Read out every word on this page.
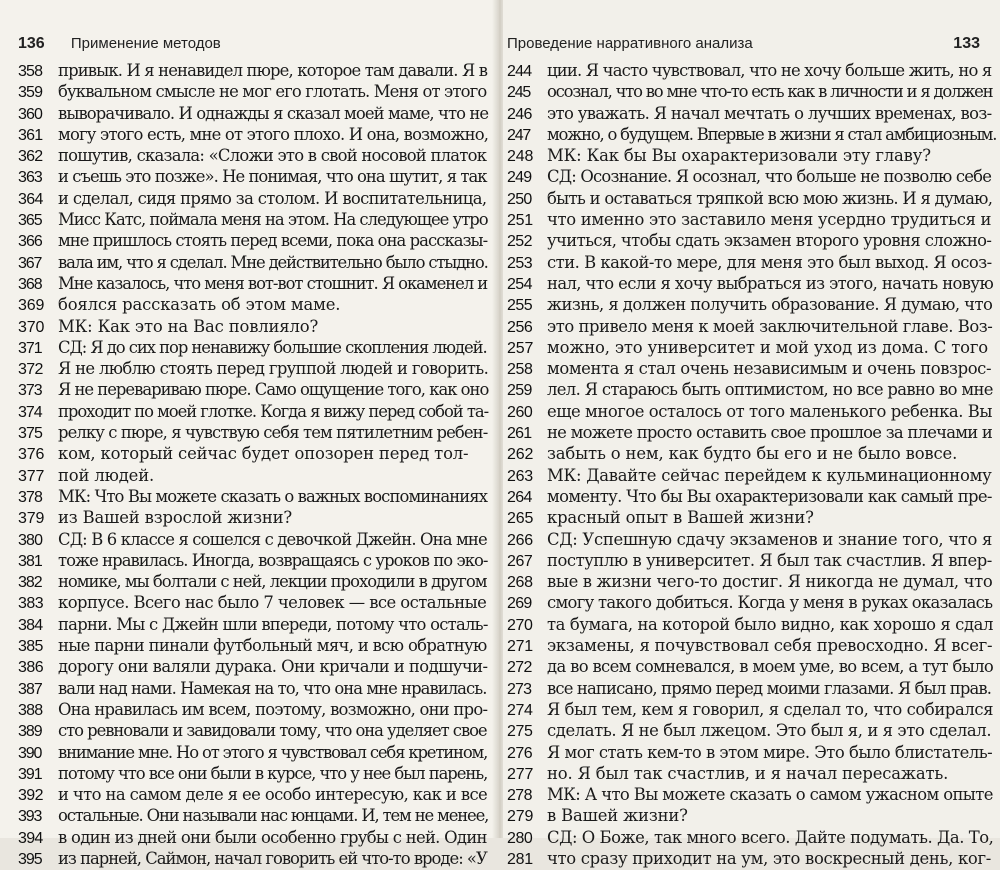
136 Применение методов
358 привык. И я ненавидел пюре, которое там давали. Я в
359 буквальном смысле не мог его глотать. Меня от этого
360 выворачивало. И однажды я сказал моей маме, что не
361 могу этого есть, мне от этого плохо. И она, возможно,
362 пошутив, сказала: «Сложи это в свой носовой платок
363 и съешь это позже». Не понимая, что она шутит, я так
364 и сделал, сидя прямо за столом. И воспитательница,
365 Мисс Катс, поймала меня на этом. На следующее утро
366 мне пришлось стоять перед всеми, пока она рассказы-
367 вала им, что я сделал. Мне действительно было стыдно.
368 Мне казалось, что меня вот-вот стошнит. Я окаменел и
369 боялся рассказать об этом маме.
370 МК: Как это на Вас повлияло?
371 СД: Я до сих пор ненавижу большие скопления людей.
372 Я не люблю стоять перед группой людей и говорить.
373 Я не перевариваю пюре. Само ощущение того, как оно
374 проходит по моей глотке. Когда я вижу перед собой та-
375 релку с пюре, я чувствую себя тем пятилетним ребен-
376 ком, который сейчас будет опозорен перед тол-
377 пой людей.
378 МК: Что Вы можете сказать о важных воспоминаниях
379 из Вашей взрослой жизни?
380 СД: В 6 классе я сошелся с девочкой Джейн. Она мне
381 тоже нравилась. Иногда, возвращаясь с уроков по эко-
382 номике, мы болтали с ней, лекции проходили в другом
383 корпусе. Всего нас было 7 человек — все остальные
384 парни. Мы с Джейн шли впереди, потому что осталь-
385 ные парни пинали футбольный мяч, и всю обратную
386 дорогу они валяли дурака. Они кричали и подшучи-
387 вали над нами. Намекая на то, что она мне нравилась.
388 Она нравилась им всем, поэтому, возможно, они про-
389 сто ревновали и завидовали тому, что она уделяет свое
390 внимание мне. Но от этого я чувствовал себя кретином,
391 потому что все они были в курсе, что у нее был парень,
392 и что на самом деле я ее особо интересую, как и все
393 остальные. Они называли нас юнцами. И, тем не менее,
394 в один из дней они были особенно грубы с ней. Один
395 из парней, Саймон, начал говорить ей что-то вроде: «У
Проведение нарративного анализа	133
244 ции. Я часто чувствовал, что не хочу больше жить, но я
245 осознал, что во мне что-то есть как в личности и я должен
246 это уважать. Я начал мечтать о лучших временах, воз-
247 можно, о будущем. Впервые в жизни я стал амбициозным.
248 МК: Как бы Вы охарактеризовали эту главу?
249 СД: Осознание. Я осознал, что больше не позволю себе
250 быть и оставаться тряпкой всю мою жизнь. И я думаю,
251 что именно это заставило меня усердно трудиться и
252 учиться, чтобы сдать экзамен второго уровня сложно-
253 сти. В какой-то мере, для меня это был выход. Я осоз-
254 нал, что если я хочу выбраться из этого, начать новую
255 жизнь, я должен получить образование. Я думаю, что
256 это привело меня к моей заключительной главе. Воз-
257 можно, это университет и мой уход из дома. С того
258 момента я стал очень независимым и очень повзрос-
259 лел. Я стараюсь быть оптимистом, но все равно во мне
260 еще многое осталось от того маленького ребенка. Вы
261 не можете просто оставить свое прошлое за плечами и
262 забыть о нем, как будто бы его и не было вовсе.
263 МК: Давайте сейчас перейдем к кульминационному
264 моменту. Что бы Вы охарактеризовали как самый пре-
265 красный опыт в Вашей жизни?
266 СД: Успешную сдачу экзаменов и знание того, что я
267 поступлю в университет. Я был так счастлив. Я впер-
268 вые в жизни чего-то достиг. Я никогда не думал, что
269 смогу такого добиться. Когда у меня в руках оказалась
270 та бумага, на которой было видно, как хорошо я сдал
271 экзамены, я почувствовал себя превосходно. Я всег-
272 да во всем сомневался, в моем уме, во всем, а тут было
273 все написано, прямо перед моими глазами. Я был прав.
274 Я был тем, кем я говорил, я сделал то, что собирался
275 сделать. Я не был лжецом. Это был я, и я это сделал.
276 Я мог стать кем-то в этом мире. Это было блистатель-
277 но. Я был так счастлив, и я начал пересажать.
278 МК: А что Вы можете сказать о самом ужасном опыте
279 в Вашей жизни?
280 СД: О Боже, так много всего. Дайте подумать. Да. То,
281 что сразу приходит на ум, это воскресный день, ког-
